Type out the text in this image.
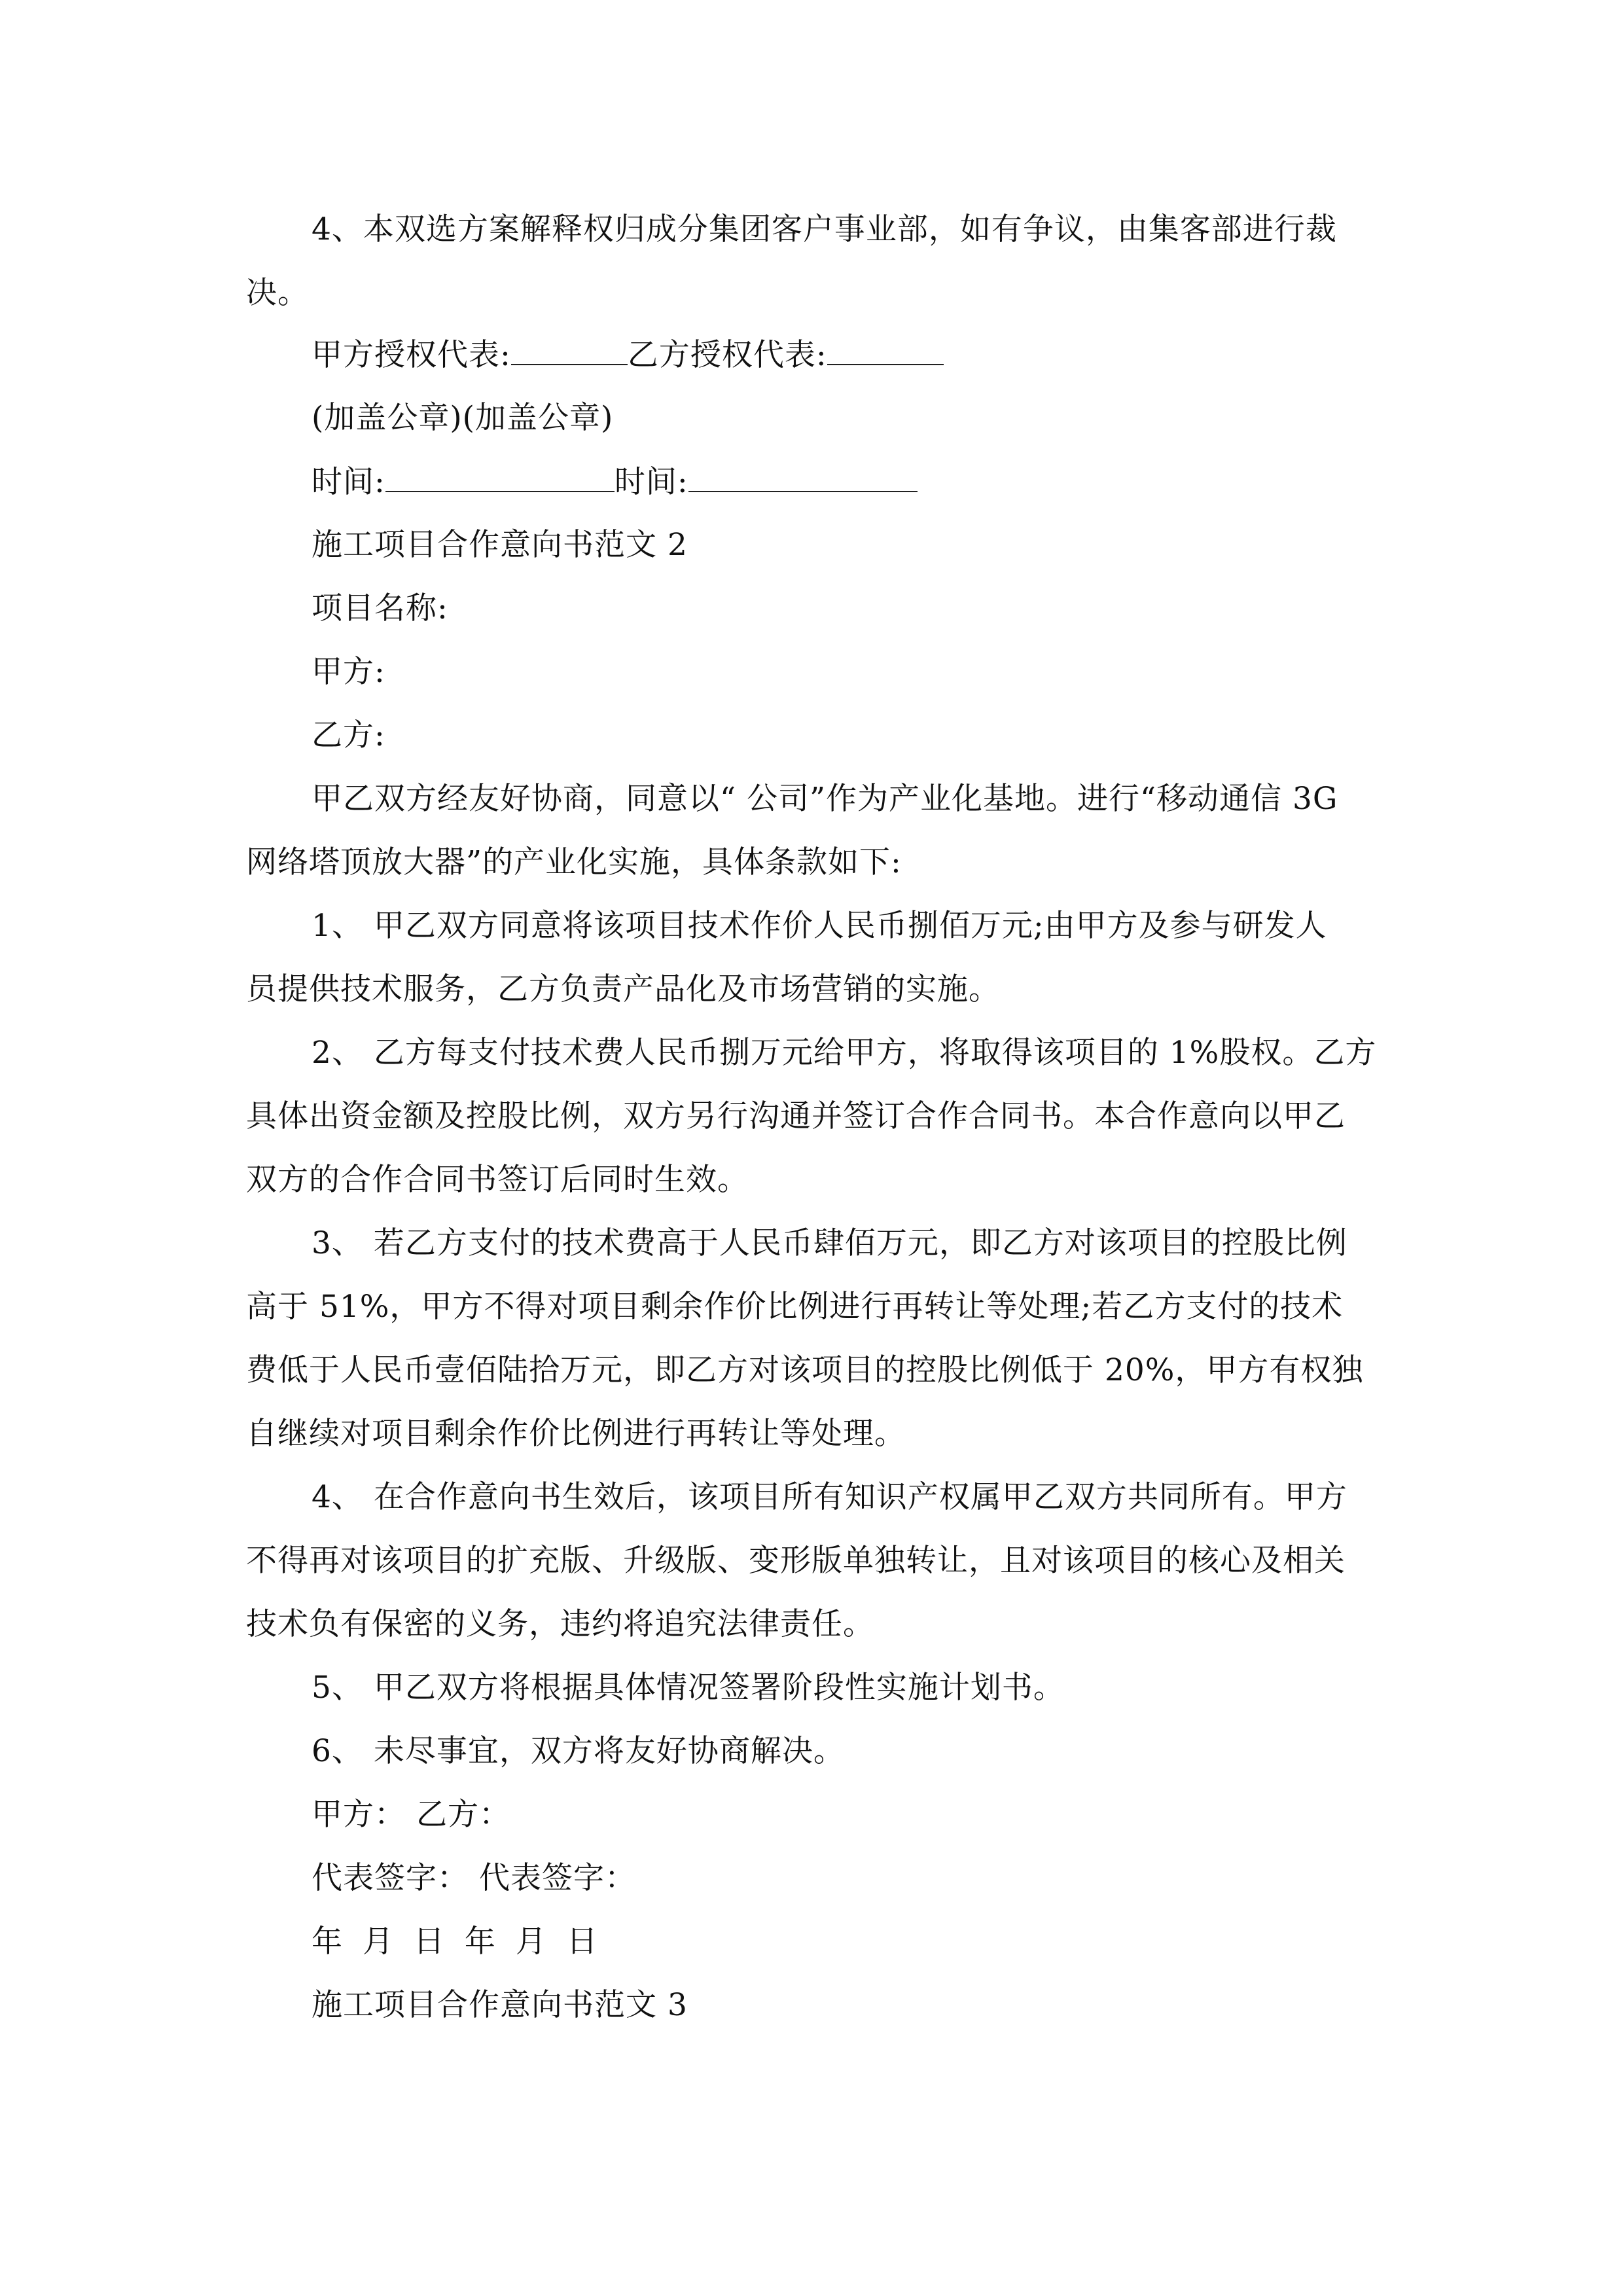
4、本双选方案解释权归成分集团客户事业部，如有争议，由集客部进行裁
决。
甲方授权代表:	乙方授权代表:
(加盖公章)(加盖公章)
时间:	时间:
施工项目合作意向书范文 2
项目名称:
甲方:
乙方:
甲乙双方经友好协商，同意以“ 公司”作为产业化基地。进行“移动通信 3G
网络塔顶放大器”的产业化实施，具体条款如下:
1、 甲乙双方同意将该项目技术作价人民币捌佰万元;由甲方及参与研发人
员提供技术服务，乙方负责产品化及市场营销的实施。
2、 乙方每支付技术费人民币捌万元给甲方，将取得该项目的 1%股权。乙方
具体出资金额及控股比例，双方另行沟通并签订合作合同书。本合作意向以甲乙
双方的合作合同书签订后同时生效。
3、 若乙方支付的技术费高于人民币肆佰万元，即乙方对该项目的控股比例
高于 51%，甲方不得对项目剩余作价比例进行再转让等处理;若乙方支付的技术
费低于人民币壹佰陆拾万元，即乙方对该项目的控股比例低于 20%，甲方有权独
自继续对项目剩余作价比例进行再转让等处理。
4、 在合作意向书生效后，该项目所有知识产权属甲乙双方共同所有。甲方
不得再对该项目的扩充版、升级版、变形版单独转让，且对该项目的核心及相关
技术负有保密的义务，违约将追究法律责任。
5、 甲乙双方将根据具体情况签署阶段性实施计划书。
6、 未尽事宜，双方将友好协商解决。
甲方： 乙方：
代表签字： 代表签字：
年 月 日 年 月 日
施工项目合作意向书范文 3
